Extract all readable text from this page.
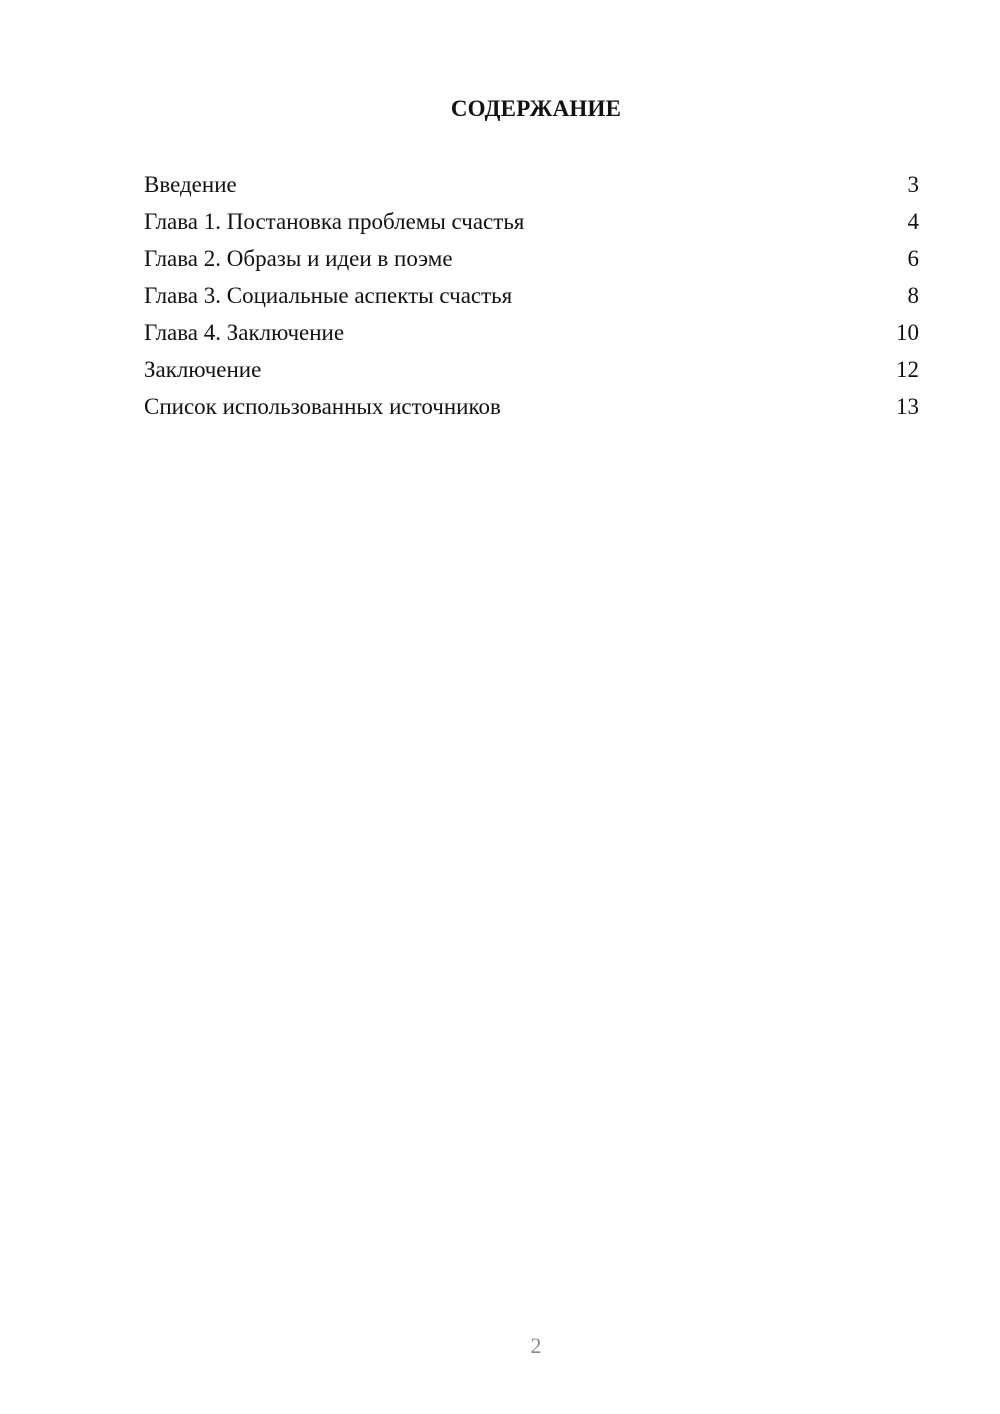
СОДЕРЖАНИЕ
Введение	3
Глава 1. Постановка проблемы счастья	4
Глава 2. Образы и идеи в поэме	6
Глава 3. Социальные аспекты счастья	8
Глава 4. Заключение	10
Заключение	12
Список использованных источников	13
2
